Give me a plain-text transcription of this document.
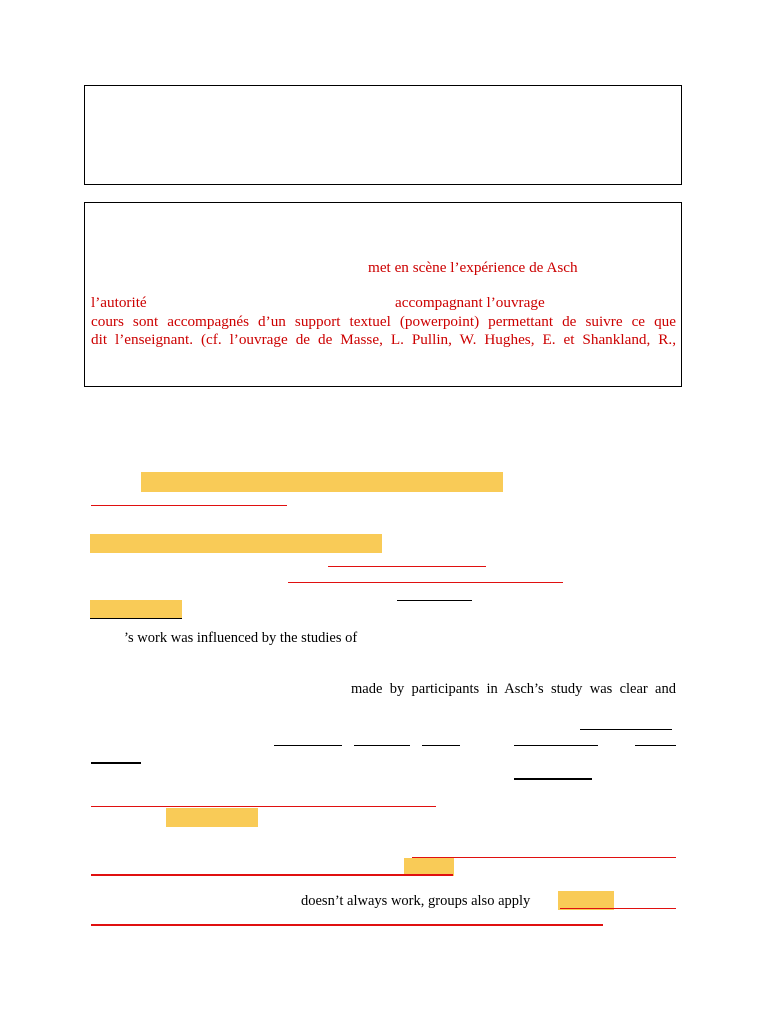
met en scène l’expérience de Asch
l’autorité	accompagnant l’ouvrage
cours sont accompagnés d’un support textuel (powerpoint) permettant de suivre ce que
dit l’enseignant. (cf. l’ouvrage de de Masse, L. Pullin, W. Hughes, E. et Shankland, R.,
’s work was influenced by the studies of
made by participants in Asch’s study was clear and
doesn’t always work, groups also apply
